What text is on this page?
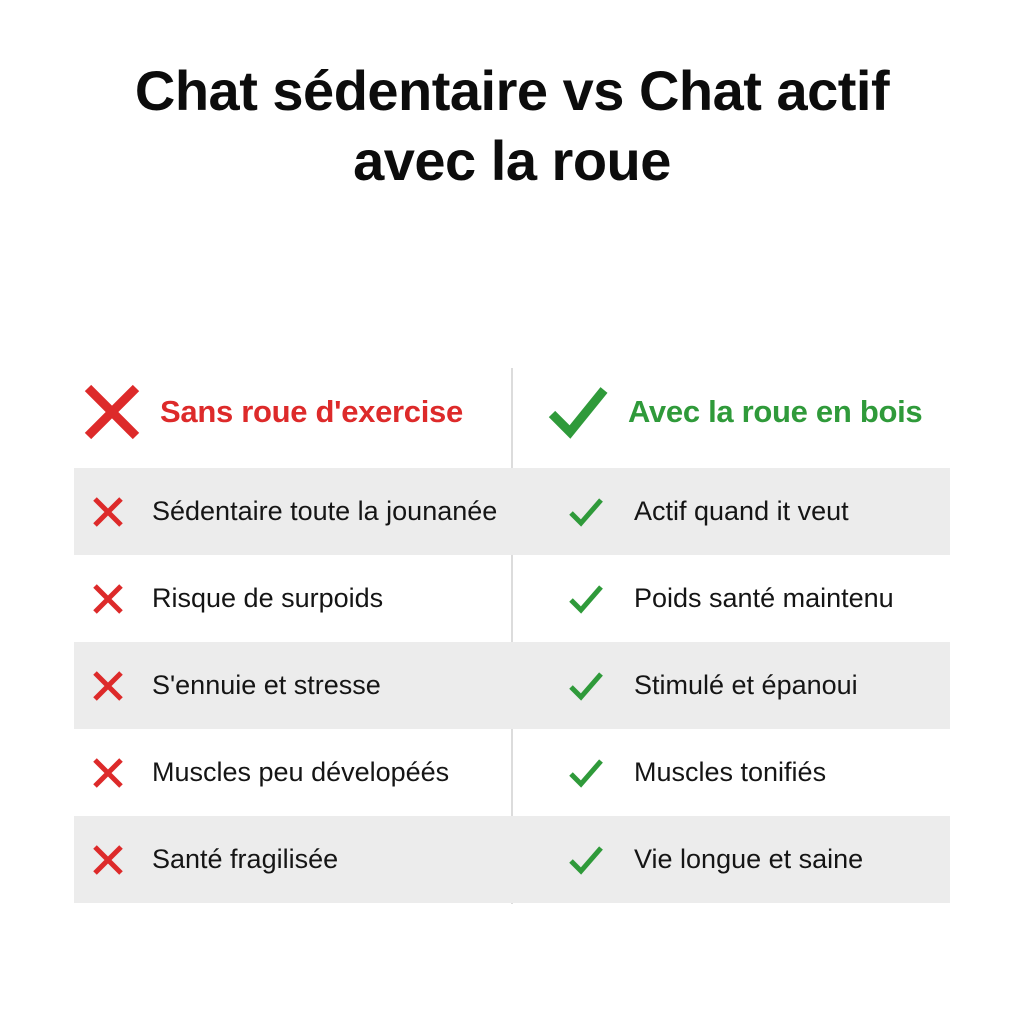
Chat sédentaire vs Chat actif
avec la roue
Sans roue d'exercise	Avec la roue en bois
Sédentaire toute la jounanée	Actif quand it veut
Risque de surpoids	Poids santé maintenu
S'ennuie et stresse	Stimulé et épanoui
Muscles peu dévelopéés	Muscles tonifiés
Santé fragilisée	Vie longue et saine
